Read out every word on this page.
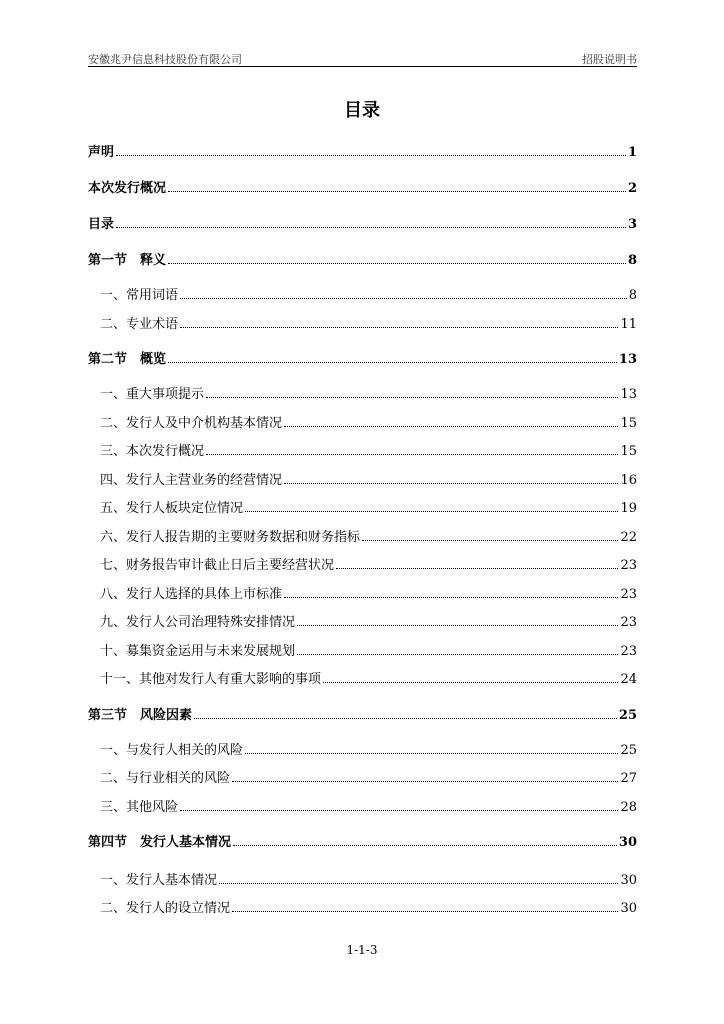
安徽兆尹信息科技股份有限公司	招股说明书
目录
声明	1
本次发行概况	2
目录	3
第一节　释义	8
一、常用词语	8
二、专业术语	11
第二节　概览	13
一、重大事项提示	13
二、发行人及中介机构基本情况	15
三、本次发行概况	15
四、发行人主营业务的经营情况	16
五、发行人板块定位情况	19
六、发行人报告期的主要财务数据和财务指标	22
七、财务报告审计截止日后主要经营状况	23
八、发行人选择的具体上市标准	23
九、发行人公司治理特殊安排情况	23
十、募集资金运用与未来发展规划	23
十一、其他对发行人有重大影响的事项	24
第三节　风险因素	25
一、与发行人相关的风险	25
二、与行业相关的风险	27
三、其他风险	28
第四节　发行人基本情况	30
一、发行人基本情况	30
二、发行人的设立情况	30
1-1-3
